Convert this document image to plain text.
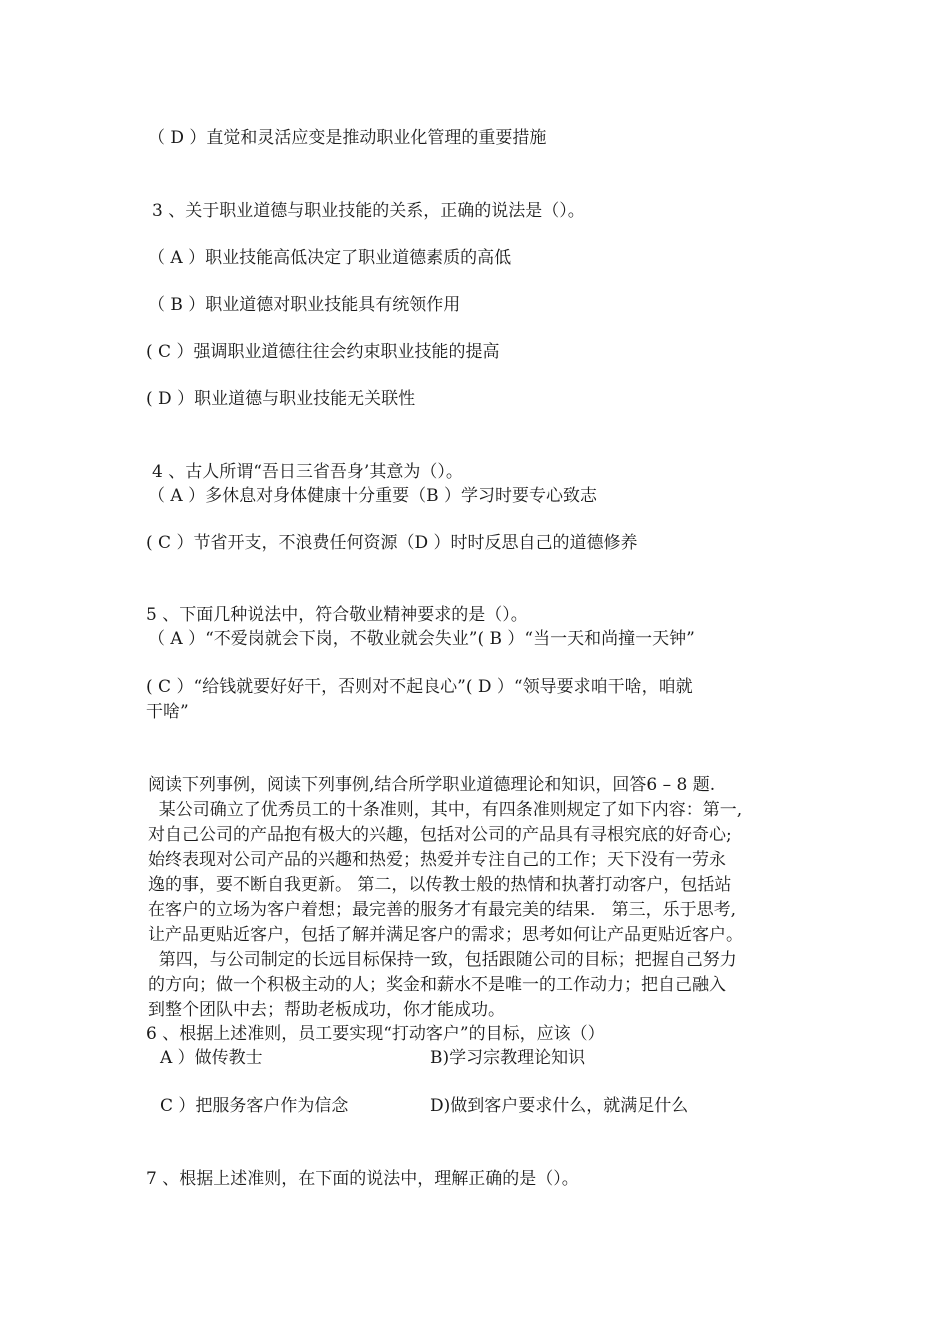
（ D ）直觉和灵活应变是推动职业化管理的重要措施

3 、关于职业道德与职业技能的关系，正确的说法是（）。

（ A ）职业技能高低决定了职业道德素质的高低

（ B ）职业道德对职业技能具有统领作用

( C ）强调职业道德往往会约束职业技能的提高

( D ）职业道德与职业技能无关联性

4 、古人所谓“吾日三省吾身’其意为（）。

（ A ）多休息对身体健康十分重要（B ）学习时要专心致志

( C ）节省开支，不浪费任何资源（D ）时时反思自己的道德修养

5 、下面几种说法中，符合敬业精神要求的是（）。

（ A ）“不爱岗就会下岗，不敬业就会失业”( B ）“当一天和尚撞一天钟”

( C ）“给钱就要好好干，否则对不起良心”( D ）“领导要求咱干啥，咱就

干啥”

阅读下列事例，阅读下列事例,结合所学职业道德理论和知识，回答6 – 8 题.
某公司确立了优秀员工的十条准则，其中，有四条准则规定了如下内容：第一,
对自己公司的产品抱有极大的兴趣，包括对公司的产品具有寻根究底的好奇心;
始终表现对公司产品的兴趣和热爱；热爱并专注自己的工作；天下没有一劳永
逸的事，要不断自我更新。 第二，以传教士般的热情和执著打动客户，包括站
在客户的立场为客户着想；最完善的服务才有最完美的结果.   第三，乐于思考,
让产品更贴近客户，包括了解并满足客户的需求；思考如何让产品更贴近客户。
第四，与公司制定的长远目标保持一致，包括跟随公司的目标；把握自己努力
的方向；做一个积极主动的人；奖金和薪水不是唯一的工作动力；把自己融入
到整个团队中去；帮助老板成功，你才能成功。

6 、根据上述准则，员工要实现“打动客户”的目标，应该（）

A ）做传教士	B)学习宗教理论知识

C ）把服务客户作为信念	D)做到客户要求什么，就满足什么

7 、根据上述准则，在下面的说法中，理解正确的是（）。
